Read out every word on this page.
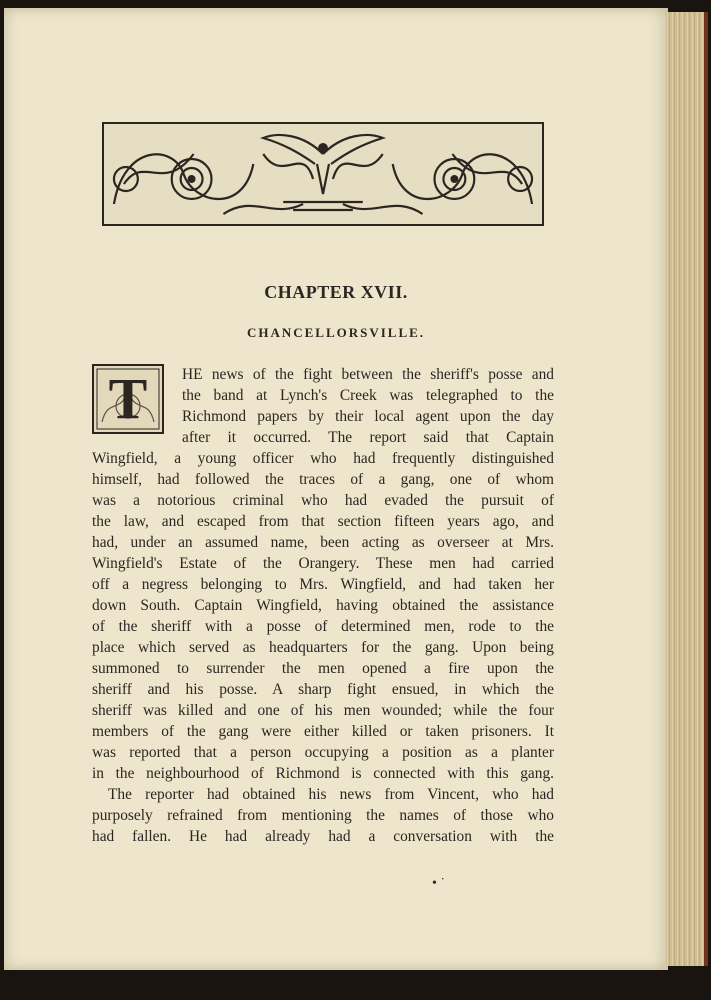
CHAPTER XVII.
CHANCELLORSVILLE.
T	HE news of the fight between the sheriff's posse and

the band at Lynch's Creek was telegraphed to the

Richmond papers by their local agent upon the day

after it occurred. The report said that Captain

Wingfield, a young officer who had frequently distinguished

himself, had followed the traces of a gang, one of whom

was a notorious criminal who had evaded the pursuit of

the law, and escaped from that section fifteen years ago, and

had, under an assumed name, been acting as overseer at Mrs.

Wingfield's Estate of the Orangery. These men had carried

off a negress belonging to Mrs. Wingfield, and had taken her

down South. Captain Wingfield, having obtained the assistance

of the sheriff with a posse of determined men, rode to the

place which served as headquarters for the gang. Upon being

summoned to surrender the men opened a fire upon the

sheriff and his posse. A sharp fight ensued, in which the

sheriff was killed and one of his men wounded; while the four

members of the gang were either killed or taken prisoners. It

was reported that a person occupying a position as a planter

in the neighbourhood of Richmond is connected with this gang.

The reporter had obtained his news from Vincent, who had

purposely refrained from mentioning the names of those who

had fallen. He had already had a conversation with the

• ˙
